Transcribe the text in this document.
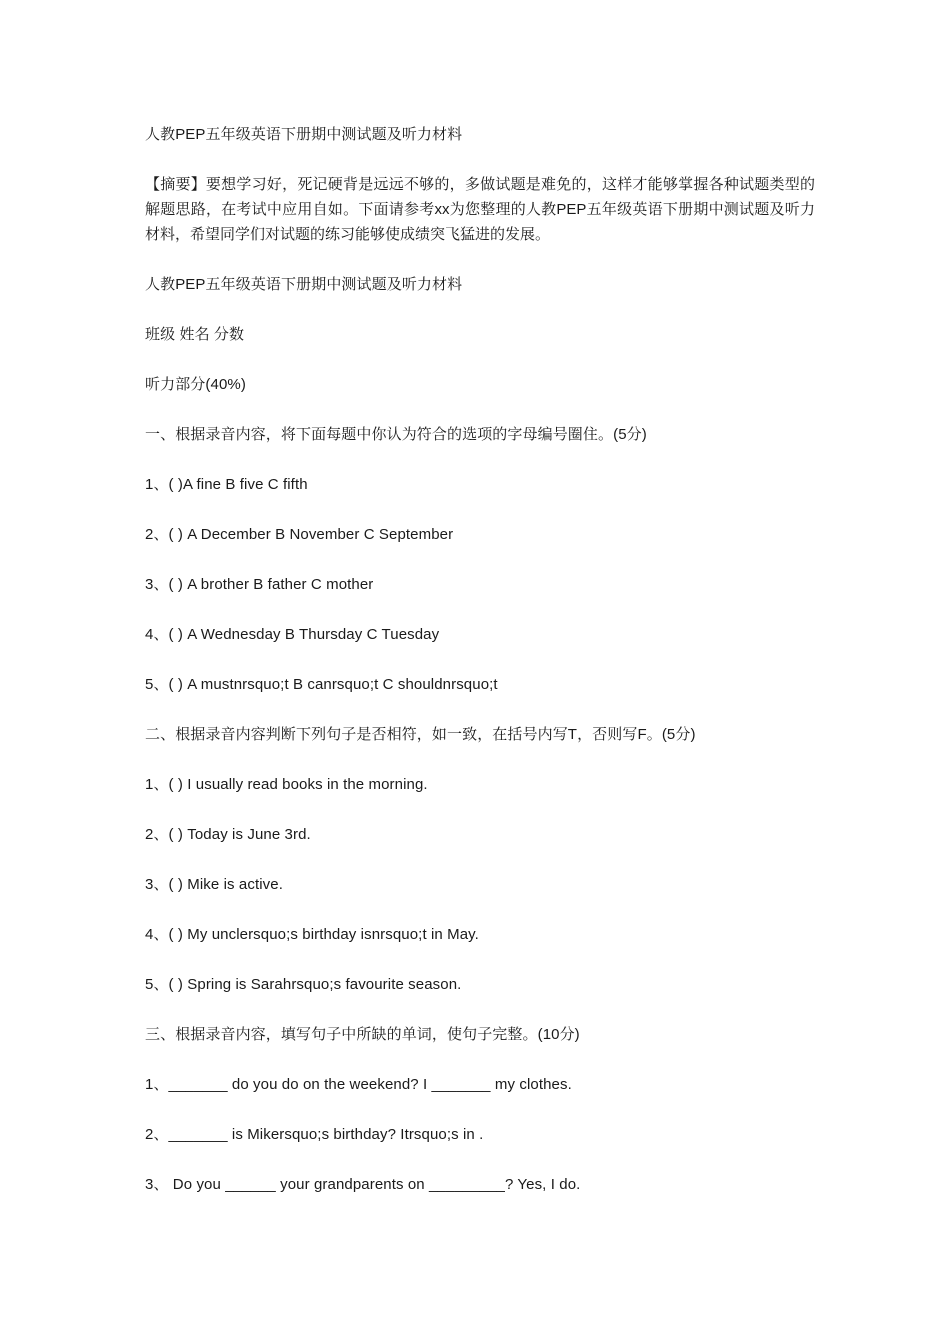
人教PEP五年级英语下册期中测试题及听力材料

【摘要】要想学习好，死记硬背是远远不够的，多做试题是难免的，这样才能够掌握各种试题类型的解题思路，在考试中应用自如。下面请参考xx为您整理的人教PEP五年级英语下册期中测试题及听力材料，希望同学们对试题的练习能够使成绩突飞猛进的发展。

人教PEP五年级英语下册期中测试题及听力材料

班级 姓名 分数

听力部分(40%)

一、根据录音内容，将下面每题中你认为符合的选项的字母编号圈住。(5分)

1、( )A fine B five C fifth

2、( ) A December B November C September

3、( ) A brother B father C mother

4、( ) A Wednesday B Thursday C Tuesday

5、( ) A mustnrsquo;t B canrsquo;t C shouldnrsquo;t

二、根据录音内容判断下列句子是否相符，如一致，在括号内写T，否则写F。(5分)

1、( ) I usually read books in the morning.

2、( ) Today is June 3rd.

3、( ) Mike is active.

4、( ) My unclersquo;s birthday isnrsquo;t in May.

5、( ) Spring is Sarahrsquo;s favourite season.

三、根据录音内容，填写句子中所缺的单词，使句子完整。(10分)

1、_______ do you do on the weekend? I _______ my clothes.

2、_______ is Mikersquo;s birthday? Itrsquo;s in .

3、 Do you ______ your grandparents on _________? Yes, I do.
